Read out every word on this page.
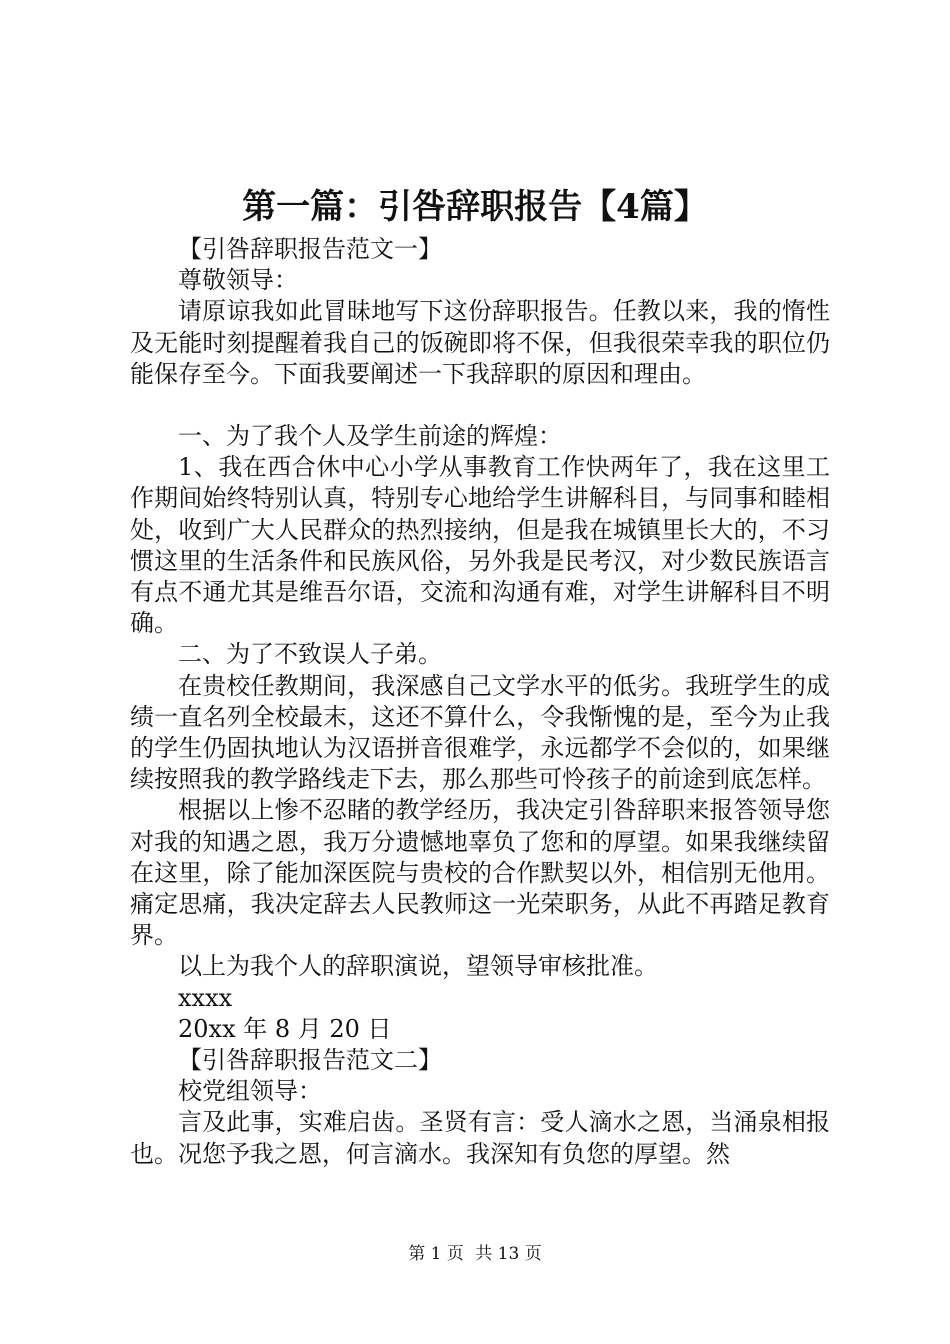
第一篇：引咎辞职报告【4篇】

【引咎辞职报告范文一】

尊敬领导：

请原谅我如此冒昧地写下这份辞职报告。任教以来，我的惰性及无能时刻提醒着我自己的饭碗即将不保，但我很荣幸我的职位仍能保存至今。下面我要阐述一下我辞职的原因和理由。

一、为了我个人及学生前途的辉煌：

1、我在西合休中心小学从事教育工作快两年了，我在这里工作期间始终特别认真，特别专心地给学生讲解科目，与同事和睦相处，收到广大人民群众的热烈接纳，但是我在城镇里长大的，不习惯这里的生活条件和民族风俗，另外我是民考汉，对少数民族语言有点不通尤其是维吾尔语，交流和沟通有难，对学生讲解科目不明确。

二、为了不致误人子弟。

在贵校任教期间，我深感自己文学水平的低劣。我班学生的成绩一直名列全校最末，这还不算什么，令我惭愧的是，至今为止我的学生仍固执地认为汉语拼音很难学，永远都学不会似的，如果继续按照我的教学路线走下去，那么那些可怜孩子的前途到底怎样。

根据以上惨不忍睹的教学经历，我决定引咎辞职来报答领导您对我的知遇之恩，我万分遗憾地辜负了您和的厚望。如果我继续留在这里，除了能加深医院与贵校的合作默契以外，相信别无他用。痛定思痛，我决定辞去人民教师这一光荣职务，从此不再踏足教育界。

以上为我个人的辞职演说，望领导审核批准。

xxxx

20xx 年 8 月 20 日

【引咎辞职报告范文二】

校党组领导：

言及此事，实难启齿。圣贤有言：受人滴水之恩，当涌泉相报也。况您予我之恩，何言滴水。我深知有负您的厚望。然

第 1 页 共 13 页
